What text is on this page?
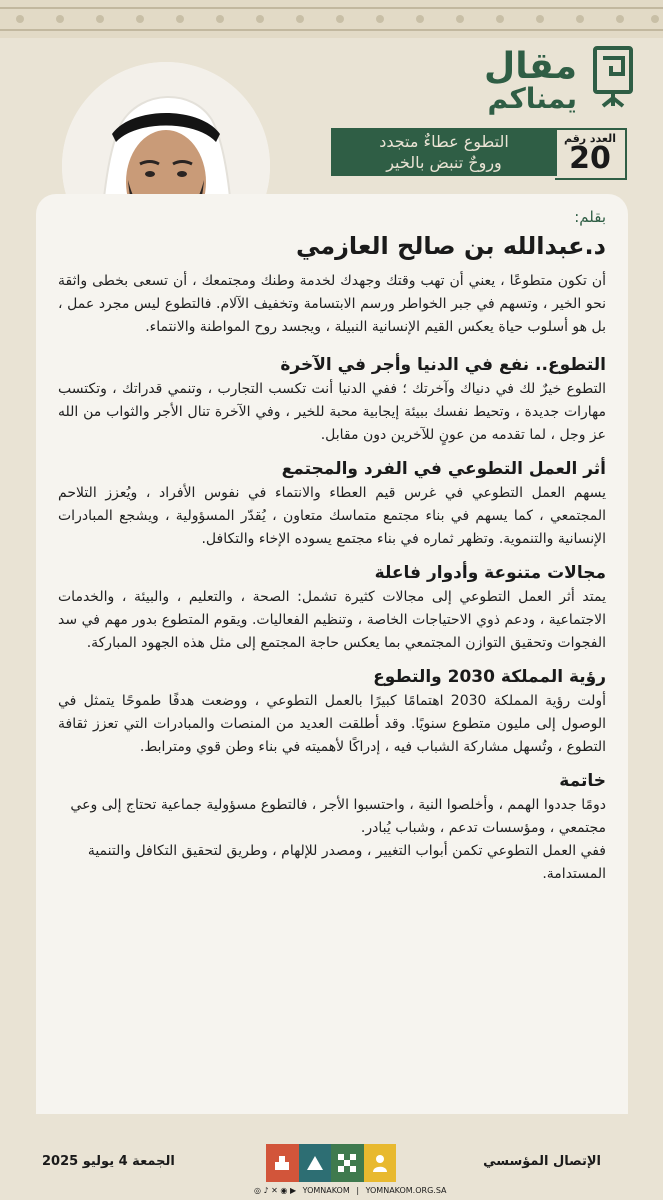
مقال
يمناكم
العدد رقم
20
التطوع عطاءٌ متجدد
وروحٌ تنبض بالخير

بقلم:

د.عبدالله بن صالح العازمي

أن تكون متطوعًا ، يعني أن تهب وقتك وجهدك لخدمة وطنك ومجتمعك ، أن تسعى بخطى واثقة نحو الخير ، وتسهم في جبر الخواطر ورسم الابتسامة وتخفيف الآلام. فالتطوع ليس مجرد عمل ، بل هو أسلوب حياة يعكس القيم الإنسانية النبيلة ، ويجسد روح المواطنة والانتماء.

التطوع.. نفع في الدنيا وأجر في الآخرة

التطوع خيرٌ لك في دنياك وآخرتك ؛ ففي الدنيا أنت تكسب التجارب ، وتنمي قدراتك ، وتكتسب مهارات جديدة ، وتحيط نفسك ببيئة إيجابية محبة للخير ، وفي الآخرة تنال الأجر والثواب من الله عز وجل ، لما تقدمه من عونٍ للآخرين دون مقابل.

أثر العمل التطوعي في الفرد والمجتمع

يسهم العمل التطوعي في غرس قيم العطاء والانتماء في نفوس الأفراد ، ويُعزز التلاحم المجتمعي ، كما يسهم في بناء مجتمع متماسك متعاون ، يُقدّر المسؤولية ، ويشجع المبادرات الإنسانية والتنموية. وتظهر ثماره في بناء مجتمع يسوده الإخاء والتكافل.

مجالات متنوعة وأدوار فاعلة

يمتد أثر العمل التطوعي إلى مجالات كثيرة تشمل: الصحة ، والتعليم ، والبيئة ، والخدمات الاجتماعية ، ودعم ذوي الاحتياجات الخاصة ، وتنظيم الفعاليات. ويقوم المتطوع بدور مهم في سد الفجوات وتحقيق التوازن المجتمعي بما يعكس حاجة المجتمع إلى مثل هذه الجهود المباركة.

رؤية المملكة 2030 والتطوع

أولت رؤية المملكة 2030 اهتمامًا كبيرًا بالعمل التطوعي ، ووضعت هدفًا طموحًا يتمثل في الوصول إلى مليون متطوع سنويًا. وقد أطلقت العديد من المنصات والمبادرات التي تعزز ثقافة التطوع ، وتُسهل مشاركة الشباب فيه ، إدراكًا لأهميته في بناء وطن قوي ومترابط.

خاتمة

دومًا جددوا الهمم ، وأخلصوا النية ، واحتسبوا الأجر ، فالتطوع مسؤولية جماعية تحتاج إلى وعي مجتمعي ، ومؤسسات تدعم ، وشباب يُبادر.

ففي العمل التطوعي تكمن أبواب التغيير ، ومصدر للإلهام ، وطريق لتحقيق التكافل والتنمية المستدامة.

الإتصال المؤسسي
الجمعة 4 يوليو 2025
◎ ♪ ✕ ◉ ▶ YOMNAKOM | YOMNAKOM.ORG.SA
